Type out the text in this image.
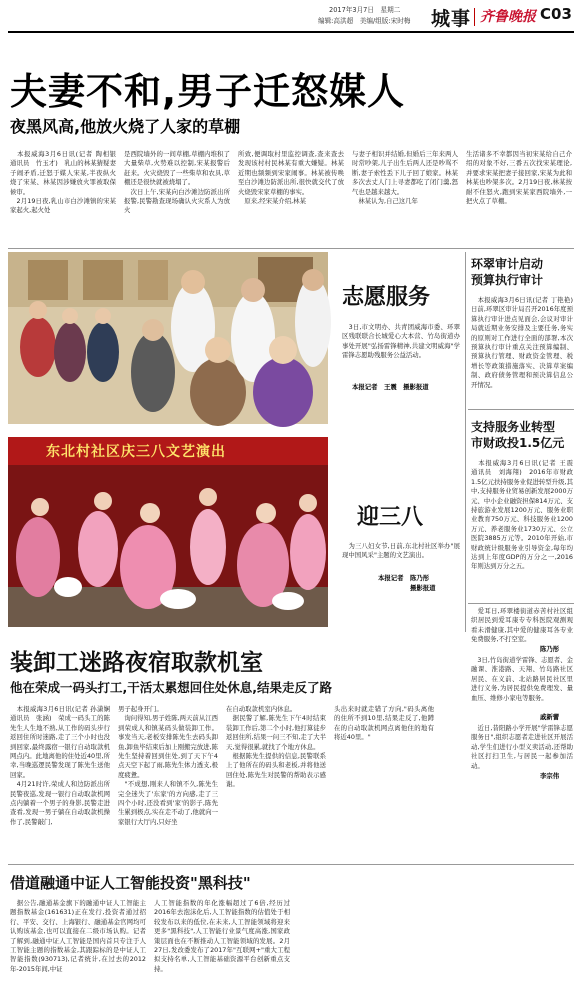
2017年3月7日　星期二
编辑:高洪超　美编/组版:宋时梅 城事 齐鲁晚报 C03
夫妻不和,男子迁怒媒人
夜黑风高,他放火烧了人家的草棚
　本报威海3月6日讯(记者 陶相银　通讯员　竹玉才)　乳山的林某猜疑妻子闹矛盾,迁怒于媒人宋某,半夜纵火烧了宋某、林某因涉嫌放火罪被取保候审。
　2月19日夜,乳山市白沙滩镇的宋某家起火,起火处
是西院墙外的一间草棚,草棚内堆积了大量柴草,火势难以控制,宋某报警后赶来。火灾烧毁了一些柴草和农具,草棚还是很快就被烧塌了。
　次日上午,宋某向白沙滩边防派出所报警,民警勘查现场确认火灾系人为放火
所致,便调取村里监控调查,查来查去发现该村村民林某有重大嫌疑。林某近期也频频到宋家闹事。林某被传唤至白沙滩边防派出所,很快就交代了放火烧毁宋家草棚的事实。
　原来,经宋某介绍,林某
与妻子相识并结婚,但婚后三年来两人时常吵架,儿子出生后两人还是吵骂不断,妻子索性丢下儿子回了娘家。林某多次去丈人门上寻妻都吃了闭门羹,怒气也是越来越大。
　林某认为,自己这几年
生活诸多不幸都因当初宋某给自己介绍的对象不好,三番五次找宋某理论,并要求宋某把妻子接回家,宋某为此和林某也吵架多次。2月19日夜,林某按耐不住怒火,跑到宋某家西院墙外,一把火点了草棚。
志愿服务
　3日,市文明办、共青团威海市委、环翠区残联联合长城爱心大本营、竹岛街道办事处开展"弘扬雷锋精神,共建文明威海"学雷锋志愿助残服务公益活动。
本报记者　王震　摄影报道
东北村社区庆三八文艺演出
迎三八
　为三八妇女节,日前,东北村社区举办"展现中国风采"主题的文艺演出。
本报记者　陈乃彤
摄影报道
环翠审计启动
预算执行审计
　本报威海3月6日讯(记者 丁艳艳)　日前,环翠区审计局召开2016年度预算执行审计进点见面会,会议对审计局就近期业务安排及主要任务,务实的原则对工作进行全面的部署,本次预算执行审计重点关注预算编制、预算执行管理、财政资金管理、税增长等政策措施落实、决算草案编制、政府债务管理和预决算信息公开情况。
支持服务业转型
市财政投1.5亿元
　本报威海3月6日讯(记者 王震　通讯员　刘海翔)　2016年市财政1.5亿元扶持服务业促进转型升级,其中,支持服务业贸易创新发展2000万元、中小企业融资担保814万元、支持旅游业发展1200万元、服务业职业教育750万元、科技服务业1200万元、养老服务业1730万元、公立医院3885万元等。2010年开始,市财政统计级服务业引导资金,每年均达到上年度GDP的万分之一,2016年则达到万分之五。
　爱耳日,环翠楼街道赤苦村社区组织居民到爱耳康专专科医院观测观看未滑健康,其中爱的健康耳各专业免费服务,不打空室。
陈乃彤
　3日,竹岛街道学雷锋、志愿者、金融课、淮港路、天翔、竹岛路社区居民、在义前、北站路居民社区里进行义务,为居民提供免费理发、量血压、维修小家电等服务。
戚新蕾
　近日,昔阳路小学开展"学雷锋志愿服务日",组织志愿者走进社区开展活动,学生们进行小型义卖活动,还帮助社区打扫卫生,与居民一起参加活动。
李宗伟
装卸工迷路夜宿取款机室
他在荣成一码头打工,干活太累想回住处休息,结果走反了路
　本报威海3月6日讯(记者 孙潇娴　通讯员　张涵)　荣成一码头工的陈先生人生地不熟,从工作的码头步行返回住所时迷路,走了三个小时也没到回家,最终露宿一银行自动取款机网点内。此地离他的住处近40里,所幸,当晚巡逻民警发现了陈先生送他回家。
　4月21时许,荣成人和边防派出所民警夜巡,发现一银行自动取款机网点内躺着一个男子的身影,民警走进查看,发现一男子躺在自动取款机操作了,民警敲门,
男子起身开门。
　询问得知,男子姓陈,两天前从江西到荣成人和镇某码头做装卸工作。事发当天,老板安排陈先生去码头卸鱼,卸鱼毕结束后加上刚搬完放进,陈先生坚持着回到住处,到了天下午4点天空下起了雨,陈先生体力透支,极度疲惫。
　"不成想,刚来人和镇不久,陈先生完全迷失了'东家'的方向感,走了三四个小时,还没看到'家'的影子,陈先生累到极点,实在走不动了,他就向一家银行大厅内,只好坐
在自动取款机室内休息。
　据民警了解,陈先生下午4时结束装卸工作后,第二个小时,他打算徒步返回住所,结果一问三不知,走了大半天,觉得很累,就找了个地方休息。
　根据陈先生提供的信息,民警联系上了他所在的码头和老板,并将他送回住处,陈先生对民警的帮助表示感谢。
头出来时就走错了方向,"码头离他的住所不到10里,结果走反了,他蹲在的自动取款机网点离他住的地有将近40里。"
借道融通中证人工智能投资"黑科技"
　据公告,融通基金旗下的融通中证人工智能主题指数基金(161631)正在发行,投资者通过招行、平安、交行、上海银行、融通基金官网均可认购该基金,也可以直接在二级市场认购。记者了解到,融通中证人工智能是国内首只专注于人工智能主题的指数基金,其跟踪标的是中证人工智能指数(930713),记者统计,在过去的2012年-2015年间,中证
人工智能指数的年化涨幅超过了6倍,经历过2016年去泡沫化后,人工智能指数的估值处于相较发布以来的低位,在未来,人工智能领域将迎来更多"黑科技",人工智能行业景气度高涨,国家政策层面也在不断推动人工智能领域的发展。2月27日,发改委发布了2017年"互联网+"重大工程拟支持名单,人工智能基础资源平台创新重点支持。
